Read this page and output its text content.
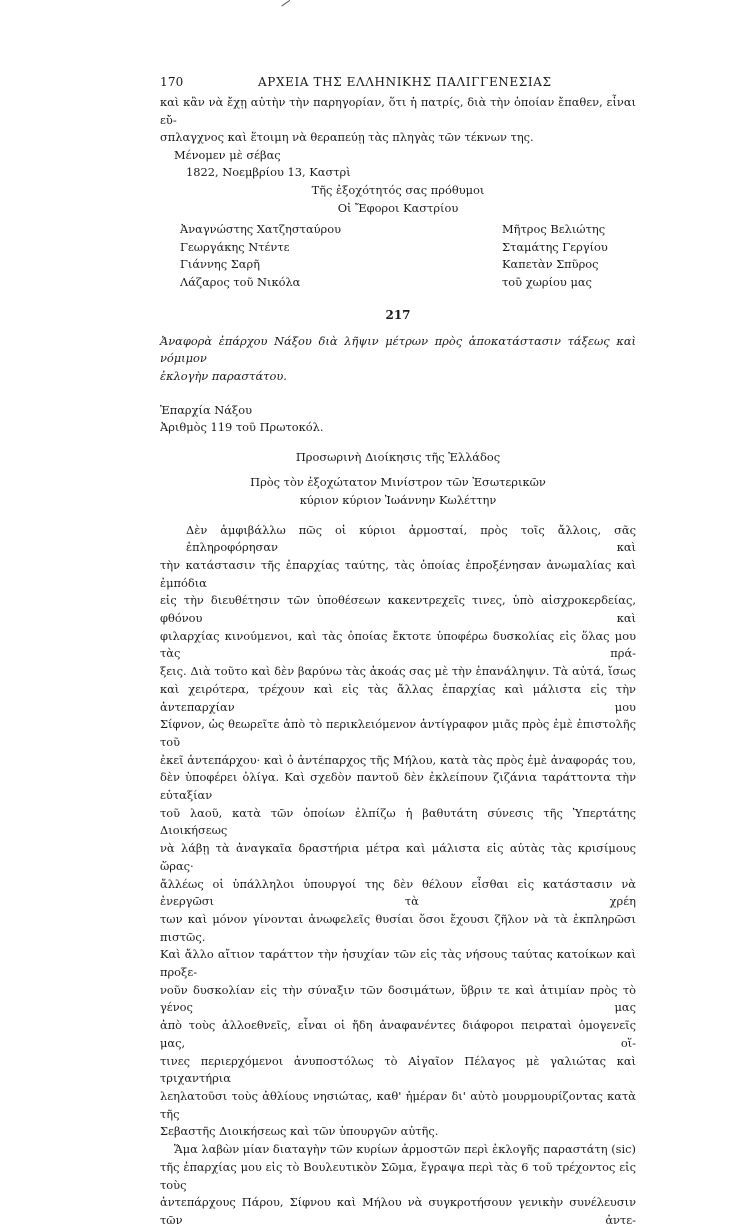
170	ΑΡΧΕΙΑ ΤΗΣ ΕΛΛΗΝΙΚΗΣ ΠΑΛΙΓΓΕΝΕΣΙΑΣ
καὶ κἂν νὰ ἔχῃ αὐτὴν τὴν παρηγορίαν, ὅτι ἡ πατρίς, διὰ τὴν ὁποίαν ἔπαθεν, εἶναι εὔ-
σπλαγχνος καὶ ἕτοιμη νὰ θεραπεύῃ τὰς πληγὰς τῶν τέκνων της.
Μένομεν μὲ σέβας
1822, Νοεμβρίου 13, Καστρὶ
Τῆς ἐξοχότητός σας πρόθυμοι
Οἱ Ἔφοροι Καστρίου
Ἀναγνώστης Χατζησταύρου
Γεωργάκης Ντέντε
Γιάννης Σαρῆ
Λάζαρος τοῦ Νικόλα
Μῆτρος Βελιώτης
Σταμάτης Γεργίου
Καπετὰν Σπῦρος
τοῦ χωρίου μας
217
Ἀναφορὰ ἐπάρχου Νάξου διὰ λῆψιν μέτρων πρὸς ἀποκατάστασιν τάξεως καὶ νόμιμον
ἐκλογὴν παραστάτου.
Ἐπαρχία Νάξου
Ἀριθμὸς 119 τοῦ Πρωτοκόλ.
Προσωρινὴ Διοίκησις τῆς Ἑλλάδος
Πρὸς τὸν ἐξοχώτατον Μινίστρον τῶν Ἐσωτερικῶν
κύριον κύριον Ἰωάννην Κωλέττην
Δὲν ἀμφιβάλλω πῶς οἱ κύριοι ἁρμοσταί, πρὸς τοῖς ἄλλοις, σᾶς ἐπληροφόρησαν καὶ
τὴν κατάστασιν τῆς ἐπαρχίας ταύτης, τὰς ὁποίας ἐπροξένησαν ἀνωμαλίας καὶ ἐμπόδια
εἰς τὴν διευθέτησιν τῶν ὑποθέσεων κακεντρεχεῖς τινες, ὑπὸ αἰσχροκερδείας, φθόνου καὶ
φιλαρχίας κινούμενοι, καὶ τὰς ὁποίας ἔκτοτε ὑποφέρω δυσκολίας εἰς ὅλας μου τὰς πρά-
ξεις. Διὰ τοῦτο καὶ δὲν βαρύνω τὰς ἀκοάς σας μὲ τὴν ἐπανάληψιν. Τὰ αὐτά, ἴσως
καὶ χειρότερα, τρέχουν καὶ εἰς τὰς ἄλλας ἐπαρχίας καὶ μάλιστα εἰς τὴν ἀντεπαρχίαν μου
Σίφνον, ὡς θεωρεῖτε ἀπὸ τὸ περικλειόμενον ἀντίγραφον μιᾶς πρὸς ἐμὲ ἐπιστολῆς τοῦ
ἐκεῖ ἀντεπάρχου· καὶ ὁ ἀντέπαρχος τῆς Μήλου, κατὰ τὰς πρὸς ἐμὲ ἀναφοράς του,
δὲν ὑποφέρει ὀλίγα. Καὶ σχεδὸν παντοῦ δὲν ἐκλείπουν ζιζάνια ταράττοντα τὴν εὐταξίαν
τοῦ λαοῦ, κατὰ τῶν ὁποίων ἐλπίζω ἡ βαθυτάτη σύνεσις τῆς Ὑπερτάτης Διοικήσεως
νὰ λάβῃ τὰ ἀναγκαῖα δραστήρια μέτρα καὶ μάλιστα εἰς αὐτὰς τὰς κρισίμους ὥρας·
ἄλλέως οἱ ὑπάλληλοι ὑπουργοί της δὲν θέλουν εἶσθαι εἰς κατάστασιν νὰ ἐνεργῶσι τὰ χρέη
των καὶ μόνον γίνονται ἀνωφελεῖς θυσίαι ὅσοι ἔχουσι ζῆλον νὰ τὰ ἐκπληρῶσι πιστῶς.
Καὶ ἄλλο αἴτιον ταράττον τὴν ἡσυχίαν τῶν εἰς τὰς νήσους ταύτας κατοίκων καὶ προξε-
νοῦν δυσκολίαν εἰς τὴν σύναξιν τῶν δοσιμάτων, ὕβριν τε καὶ ἀτιμίαν πρὸς τὸ γένος μας
ἀπὸ τοὺς ἀλλοεθνεῖς, εἶναι οἱ ἤδη ἀναφανέντες διάφοροι πειραταὶ ὁμογενεῖς μας, οἵ-
τινες περιερχόμενοι ἀνυποστόλως τὸ Αἰγαῖον Πέλαγος μὲ γαλιώτας καὶ τριχαντήρια
λεηλατοῦσι τοὺς ἀθλίους νησιώτας, καθ' ἡμέραν δι' αὐτὸ μουρμουρίζοντας κατὰ τῆς
Σεβαστῆς Διοικήσεως καὶ τῶν ὑπουργῶν αὐτῆς.
Ἅμα λαβὼν μίαν διαταγὴν τῶν κυρίων ἁρμοστῶν περὶ ἐκλογῆς παραστάτη (sic)
τῆς ἐπαρχίας μου εἰς τὸ Βουλευτικὸν Σῶμα, ἔγραψα περὶ τὰς 6 τοῦ τρέχοντος εἰς τοὺς
ἀντεπάρχους Πάρου, Σίφνου καὶ Μήλου νὰ συγκροτήσουν γενικὴν συνέλευσιν τῶν ἀντε-
